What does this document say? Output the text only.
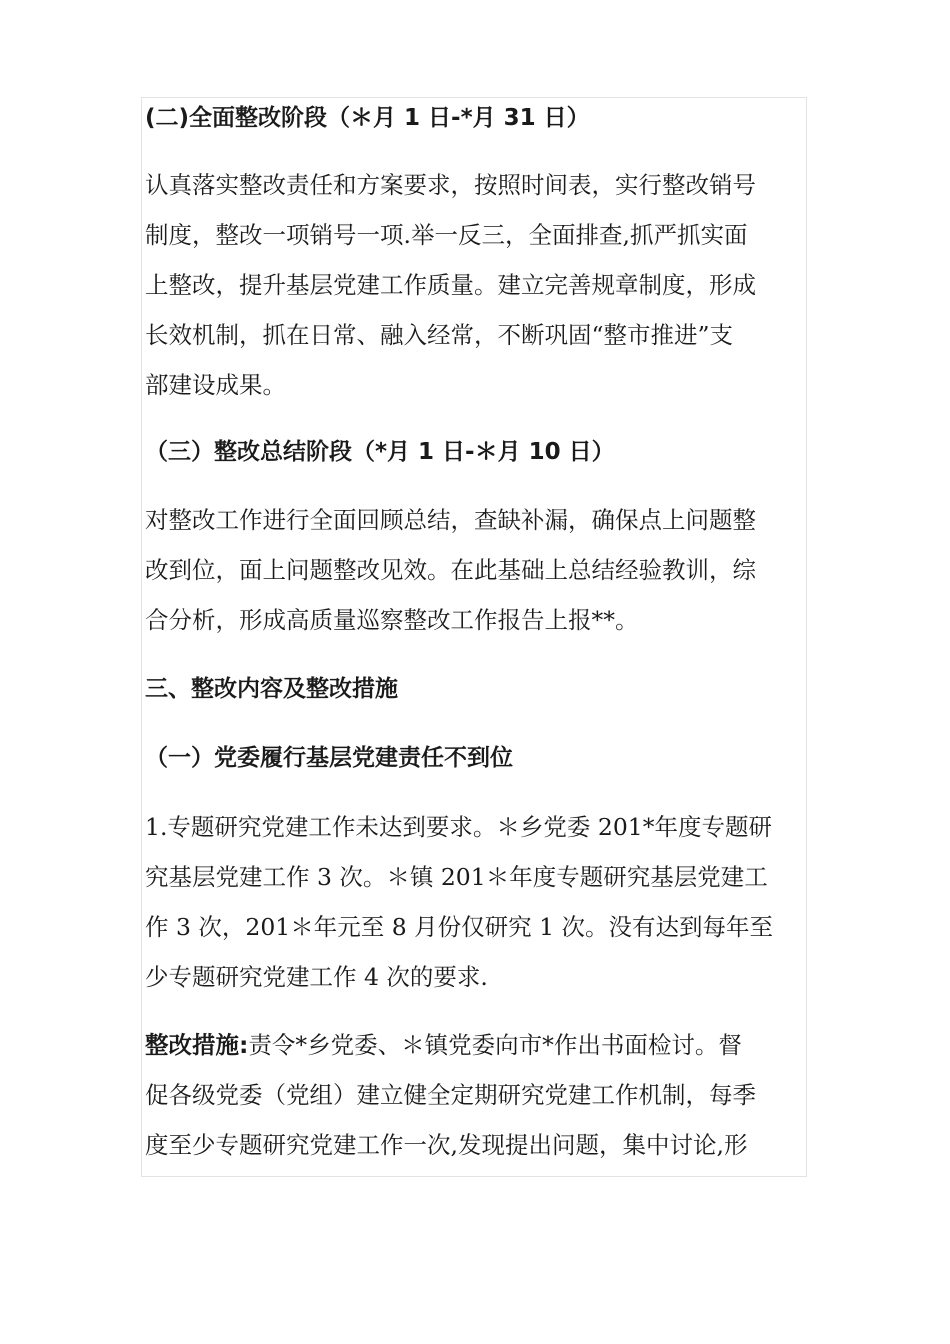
(二)全面整改阶段（＊月 1 日-*月 31 日）
认真落实整改责任和方案要求，按照时间表，实行整改销号
制度，整改一项销号一项.举一反三，全面排查,抓严抓实面
上整改，提升基层党建工作质量。建立完善规章制度，形成
长效机制，抓在日常、融入经常，不断巩固“整市推进”支
部建设成果。
（三）整改总结阶段（*月 1 日-＊月 10 日）
对整改工作进行全面回顾总结，查缺补漏，确保点上问题整
改到位，面上问题整改见效。在此基础上总结经验教训，综
合分析，形成高质量巡察整改工作报告上报**。
三、整改内容及整改措施
（一）党委履行基层党建责任不到位
1.专题研究党建工作未达到要求。＊乡党委 201*年度专题研
究基层党建工作 3 次。＊镇 201＊年度专题研究基层党建工
作 3 次，201＊年元至 8 月份仅研究 1 次。没有达到每年至
少专题研究党建工作 4 次的要求.
整改措施:责令*乡党委、＊镇党委向市*作出书面检讨。督
促各级党委（党组）建立健全定期研究党建工作机制，每季
度至少专题研究党建工作一次,发现提出问题，集中讨论,形
